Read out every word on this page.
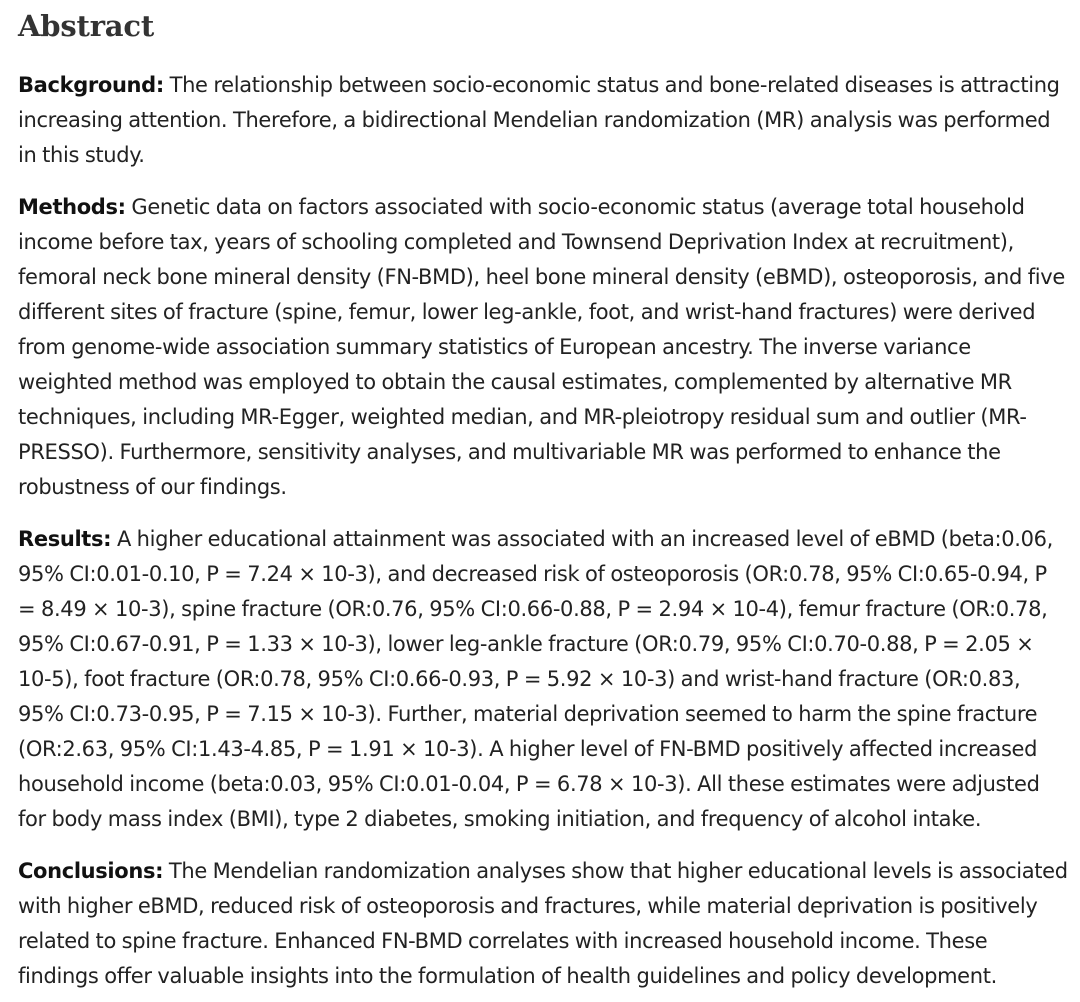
Abstract

Background: The relationship between socio-economic status and bone-related diseases is attracting increasing attention. Therefore, a bidirectional Mendelian randomization (MR) analysis was performed in this study.

Methods: Genetic data on factors associated with socio-economic status (average total household income before tax, years of schooling completed and Townsend Deprivation Index at recruitment), femoral neck bone mineral density (FN-BMD), heel bone mineral density (eBMD), osteoporosis, and five different sites of fracture (spine, femur, lower leg-ankle, foot, and wrist-hand fractures) were derived from genome-wide association summary statistics of European ancestry. The inverse variance weighted method was employed to obtain the causal estimates, complemented by alternative MR techniques, including MR-Egger, weighted median, and MR-pleiotropy residual sum and outlier (MR-PRESSO). Furthermore, sensitivity analyses, and multivariable MR was performed to enhance the robustness of our findings.

Results: A higher educational attainment was associated with an increased level of eBMD (beta:0.06, 95% CI:0.01-0.10, P = 7.24 × 10-3), and decreased risk of osteoporosis (OR:0.78, 95% CI:0.65-0.94, P = 8.49 × 10-3), spine fracture (OR:0.76, 95% CI:0.66-0.88, P = 2.94 × 10-4), femur fracture (OR:0.78, 95% CI:0.67-0.91, P = 1.33 × 10-3), lower leg-ankle fracture (OR:0.79, 95% CI:0.70-0.88, P = 2.05 × 10-5), foot fracture (OR:0.78, 95% CI:0.66-0.93, P = 5.92 × 10-3) and wrist-hand fracture (OR:0.83, 95% CI:0.73-0.95, P = 7.15 × 10-3). Further, material deprivation seemed to harm the spine fracture (OR:2.63, 95% CI:1.43-4.85, P = 1.91 × 10-3). A higher level of FN-BMD positively affected increased household income (beta:0.03, 95% CI:0.01-0.04, P = 6.78 × 10-3). All these estimates were adjusted for body mass index (BMI), type 2 diabetes, smoking initiation, and frequency of alcohol intake.

Conclusions: The Mendelian randomization analyses show that higher educational levels is associated with higher eBMD, reduced risk of osteoporosis and fractures, while material deprivation is positively related to spine fracture. Enhanced FN-BMD correlates with increased household income. These findings offer valuable insights into the formulation of health guidelines and policy development.
